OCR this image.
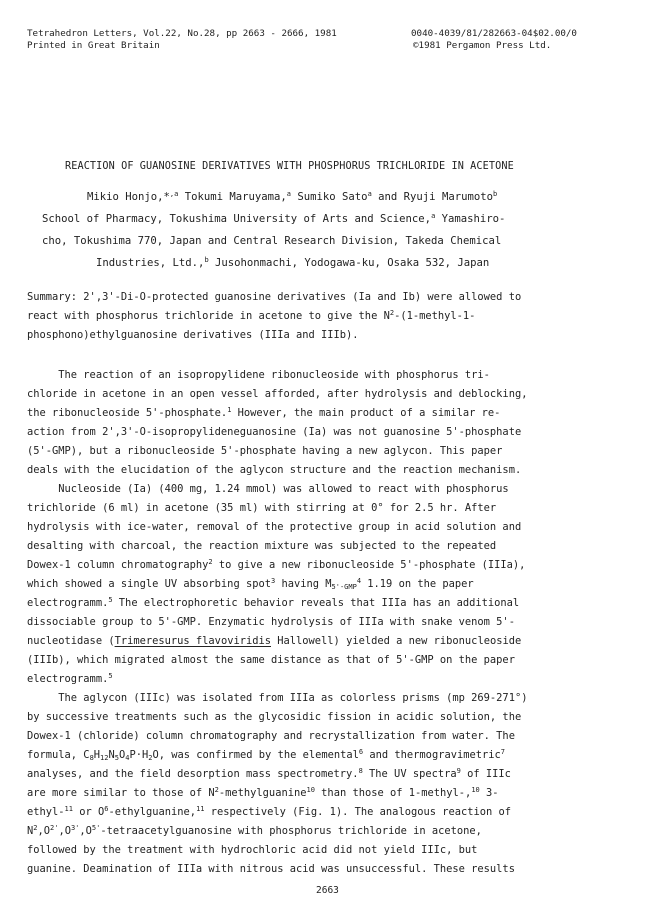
Tetrahedron Letters, Vol.22, No.28, pp 2663 - 2666, 1981
Printed in Great Britain
0040-4039/81/282663-04$02.00/0
©1981 Pergamon Press Ltd.
REACTION OF GUANOSINE DERIVATIVES WITH PHOSPHORUS TRICHLORIDE IN ACETONE
Mikio Honjo,*$^{,a}$ Tokumi Maruyama,$^a$ Sumiko Sato$^a$ and Ryuji Marumoto$^b$
School of Pharmacy, Tokushima University of Arts and Science,$^a$ Yamashiro-
cho, Tokushima 770, Japan and Central Research Division, Takeda Chemical
Industries, Ltd.,$^b$ Jusohonmachi, Yodogawa-ku, Osaka 532, Japan
Summary: 2',3'-Di-O-protected guanosine derivatives (Ia and Ib) were allowed to
react with phosphorus trichloride in acetone to give the $N^2-(1-methyl-1-$
phosphono)ethylguanosine derivatives (IIIa and IIIb).
The reaction of an isopropylidene ribonucleoside with phosphorus tri-
chloride in acetone in an open vessel afforded, after hydrolysis and deblocking,
the ribonucleoside 5'-phosphate.$^1$ However, the main product of a similar re-
action from 2',3'-O-isopropylideneguanosine (Ia) was not guanosine 5'-phosphate
(5'-GMP), but a ribonucleoside 5'-phosphate having a new aglycon. This paper
deals with the elucidation of the aglycon structure and the reaction mechanism.
Nucleoside (Ia) (400 mg, 1.24 mmol) was allowed to react with phosphorus
trichloride (6 ml) in acetone (35 ml) with stirring at 0° for 2.5 hr. After
hydrolysis with ice-water, removal of the protective group in acid solution and
desalting with charcoal, the reaction mixture was subjected to the repeated
Dowex-1 column chromatography$^2$ to give a new ribonucleoside 5'-phosphate (IIIa),
which showed a single UV absorbing spot$^3$ having $M_{5'-GMP}^4$ 1.19 on the paper
electrogramm.$^5$ The electrophoretic behavior reveals that IIIa has an additional
dissociable group to 5'-GMP. Enzymatic hydrolysis of IIIa with snake venom 5'-
nucleotidase (Trimeresurus flavoviridis Hallowell) yielded a new ribonucleoside
(IIIb), which migrated almost the same distance as that of 5'-GMP on the paper
electrogramm.$^5$
The aglycon (IIIc) was isolated from IIIa as colorless prisms (mp 269-271°)
by successive treatments such as the glycosidic fission in acidic solution, the
Dowex-1 (chloride) column chromatography and recrystallization from water. The
formula, $C_8H_{12}N_5O_4P\cdot H_2O$, was confirmed by the elemental$^6$ and thermogravimetric$^7$
analyses, and the field desorption mass spectrometry.$^8$ The UV spectra$^9$ of IIIc
are more similar to those of $N^2-methylguanine^{10}$ than those of 1-methyl-,$^{10}$ 3-
ethyl-$^{11}$ or $O^6-ethylguanine,^{11}$ respectively (Fig. 1). The analogous reaction of
$N^2,O^{2'},O^{3'},O^{5'}$-tetraacetylguanosine with phosphorus trichloride in acetone,
followed by the treatment with hydrochloric acid did not yield IIIc, but
guanine. Deamination of IIIa with nitrous acid was unsuccessful. These results
2663
